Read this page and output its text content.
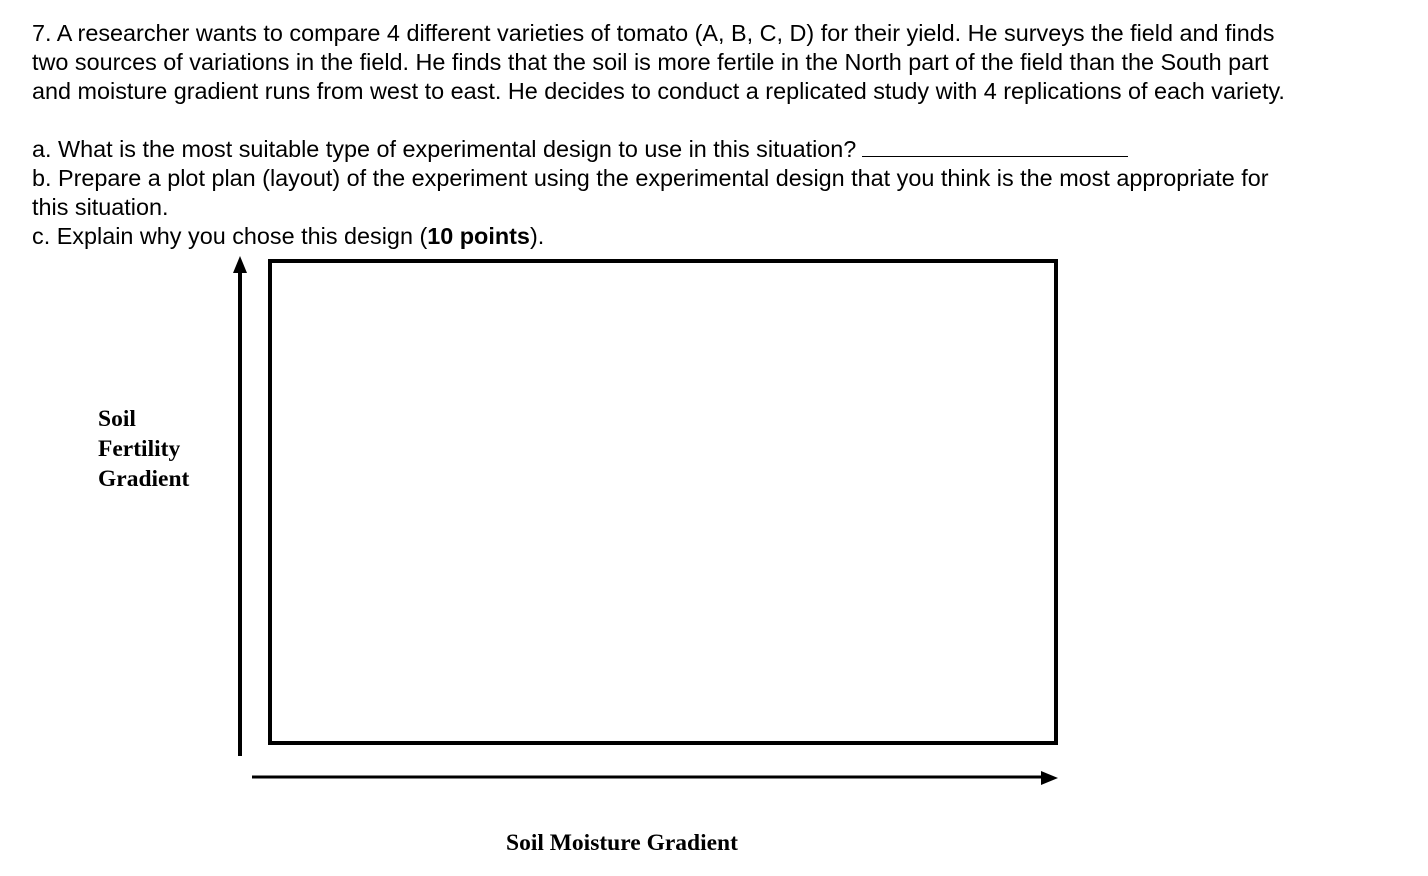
7. A researcher wants to compare 4 different varieties of tomato (A, B, C, D) for their yield. He surveys the field and finds

two sources of variations in the field. He finds that the soil is more fertile in the North part of the field than the South part

and moisture gradient runs from west to east. He decides to conduct a replicated study with 4 replications of each variety.

a. What is the most suitable type of experimental design to use in this situation?

b. Prepare a plot plan (layout) of the experiment using the experimental design that you think is the most appropriate for

this situation.

c. Explain why you chose this design (10 points).

Soil
Fertility
Gradient
Soil Moisture Gradient
